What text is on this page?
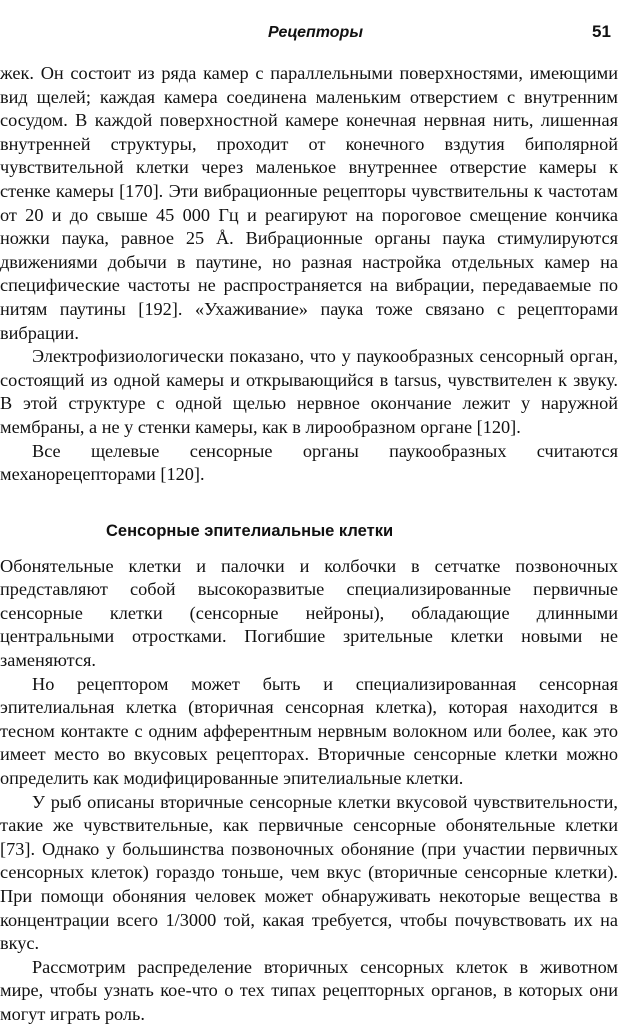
Рецепторы	51

жек. Он состоит из ряда камер с параллельными поверхностями, имеющими вид щелей; каждая камера соединена маленьким отверстием с внутренним сосудом. В каждой поверхностной камере конечная нервная нить, лишенная внутренней структуры, проходит от конечного вздутия биполярной чувствительной клетки через маленькое внутреннее отверстие камеры к стенке камеры [170]. Эти вибрационные рецепторы чувствительны к частотам от 20 и до свыше 45 000 Гц и реагируют на пороговое смещение кончика ножки паука, равное 25 Å. Вибрационные органы паука стимулируются движениями добычи в паутине, но разная настройка отдельных камер на специфические частоты не распространяется на вибрации, передаваемые по нитям паутины [192]. «Ухаживание» паука тоже связано с рецепторами вибрации.

Электрофизиологически показано, что у паукообразных сенсорный орган, состоящий из одной камеры и открывающийся в tarsus, чувствителен к звуку. В этой структуре с одной щелью нервное окончание лежит у наружной мембраны, а не у стенки камеры, как в лирообразном органе [120].

Все щелевые сенсорные органы паукообразных считаются механорецепторами [120].

Сенсорные эпителиальные клетки

Обонятельные клетки и палочки и колбочки в сетчатке позвоночных представляют собой высокоразвитые специализированные первичные сенсорные клетки (сенсорные нейроны), обладающие длинными центральными отростками. Погибшие зрительные клетки новыми не заменяются.

Но рецептором может быть и специализированная сенсорная эпителиальная клетка (вторичная сенсорная клетка), которая находится в тесном контакте с одним афферентным нервным волокном или более, как это имеет место во вкусовых рецепторах. Вторичные сенсорные клетки можно определить как модифицированные эпителиальные клетки.

У рыб описаны вторичные сенсорные клетки вкусовой чувствительности, такие же чувствительные, как первичные сенсорные обонятельные клетки [73]. Однако у большинства позвоночных обоняние (при участии первичных сенсорных клеток) гораздо тоньше, чем вкус (вторичные сенсорные клетки). При помощи обоняния человек может обнаруживать некоторые вещества в концентрации всего 1/3000 той, какая требуется, чтобы почувствовать их на вкус.

Рассмотрим распределение вторичных сенсорных клеток в животном мире, чтобы узнать кое-что о тех типах рецепторных органов, в которых они могут играть роль.
